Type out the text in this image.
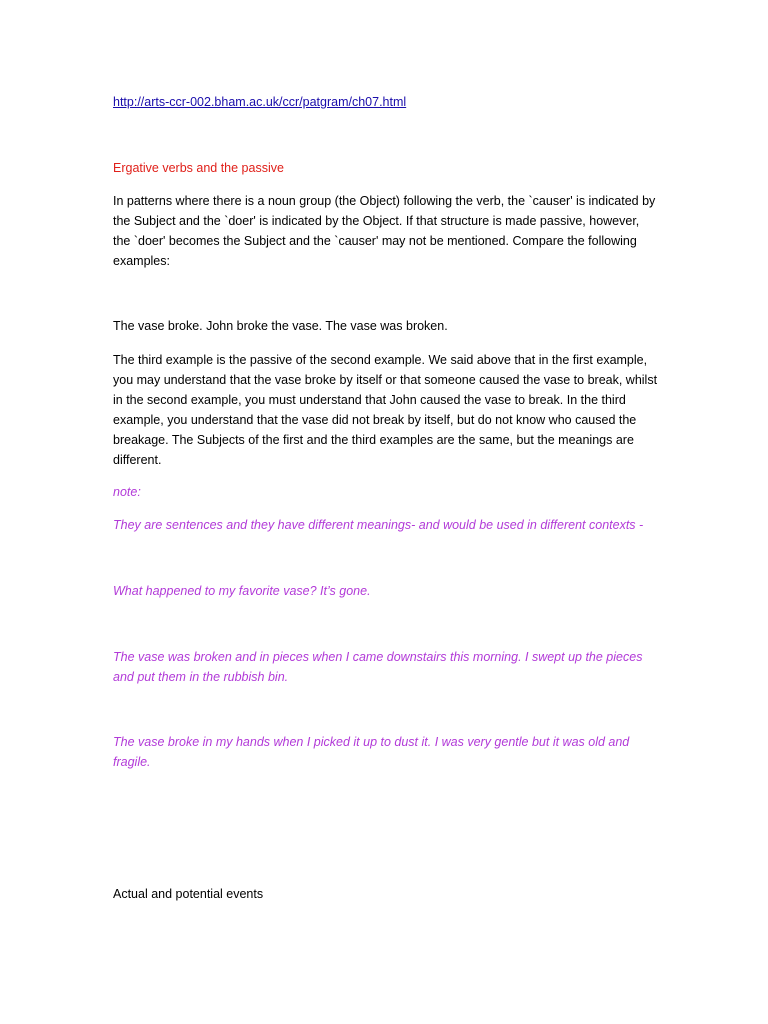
http://arts-ccr-002.bham.ac.uk/ccr/patgram/ch07.html

Ergative verbs and the passive

In patterns where there is a noun group (the Object) following the verb, the `causer' is indicated by the Subject and the `doer' is indicated by the Object. If that structure is made passive, however, the `doer' becomes the Subject and the `causer' may not be mentioned. Compare the following examples:

The vase broke. John broke the vase. The vase was broken.

The third example is the passive of the second example. We said above that in the first example, you may understand that the vase broke by itself or that someone caused the vase to break, whilst in the second example, you must understand that John caused the vase to break. In the third example, you understand that the vase did not break by itself, but do not know who caused the breakage. The Subjects of the first and the third examples are the same, but the meanings are different.

note:

They are sentences and they have different meanings- and would be used in different contexts -

What happened to my favorite vase? It’s gone.

The vase was broken and in pieces when I came downstairs this morning. I swept up the pieces and put them in the rubbish bin.

The vase broke in my hands when I picked it up to dust it. I was very gentle but it was old and fragile.

Actual and potential events
